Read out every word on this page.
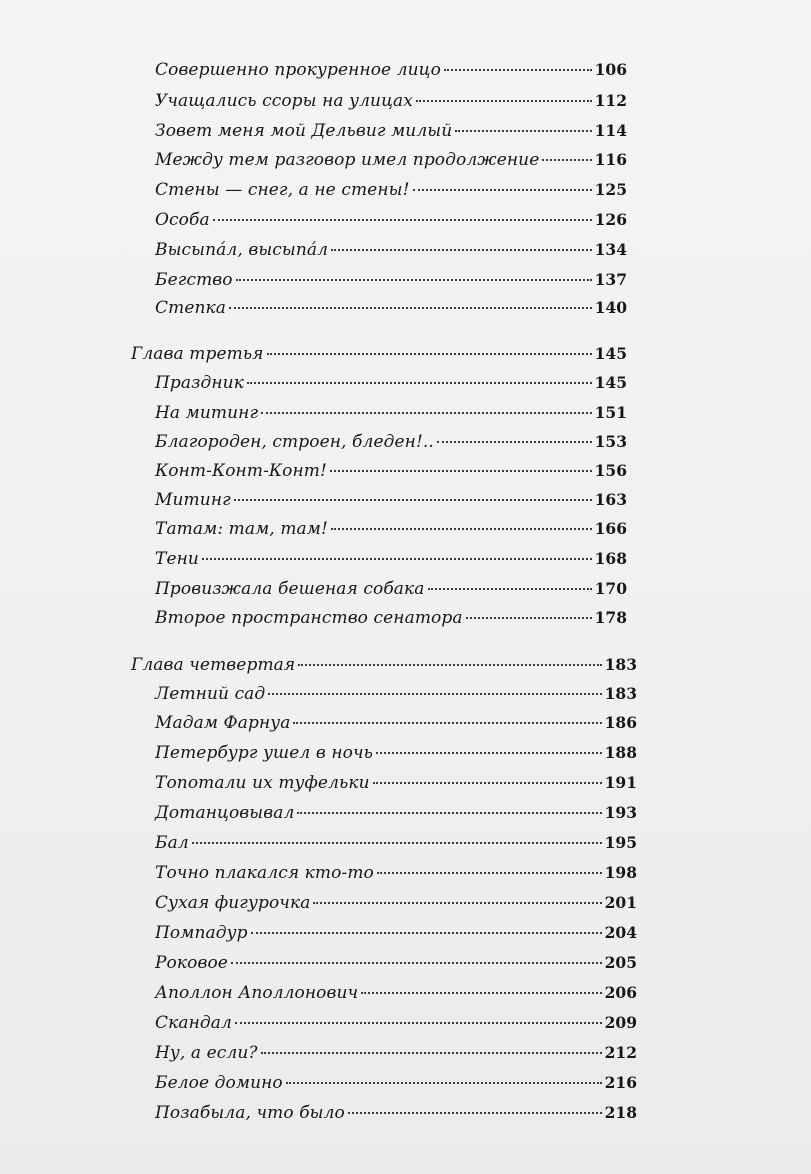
Совершенно прокуренное лицо	106
Учащались ссоры на улицах	112
Зовет меня мой Дельвиг милый	114
Между тем разговор имел продолжение	116
Стены — снег, а не стены!	125
Особа	126
Высыпáл, высыпáл	134
Бегство	137
Степка	140
Глава третья	145
Праздник	145
На митинг	151
Благороден, строен, бледен!..	153
Конт-Конт-Конт!	156
Митинг	163
Татам: там, там!	166
Тени	168
Провизжала бешеная собака	170
Второе пространство сенатора	178
Глава четвертая	183
Летний сад	183
Мадам Фарнуа	186
Петербург ушел в ночь	188
Топотали их туфельки	191
Дотанцовывал	193
Бал	195
Точно плакался кто-то	198
Сухая фигурочка	201
Помпадур	204
Роковое	205
Аполлон Аполлонович	206
Скандал	209
Ну, а если?	212
Белое домино	216
Позабыла, что было	218
